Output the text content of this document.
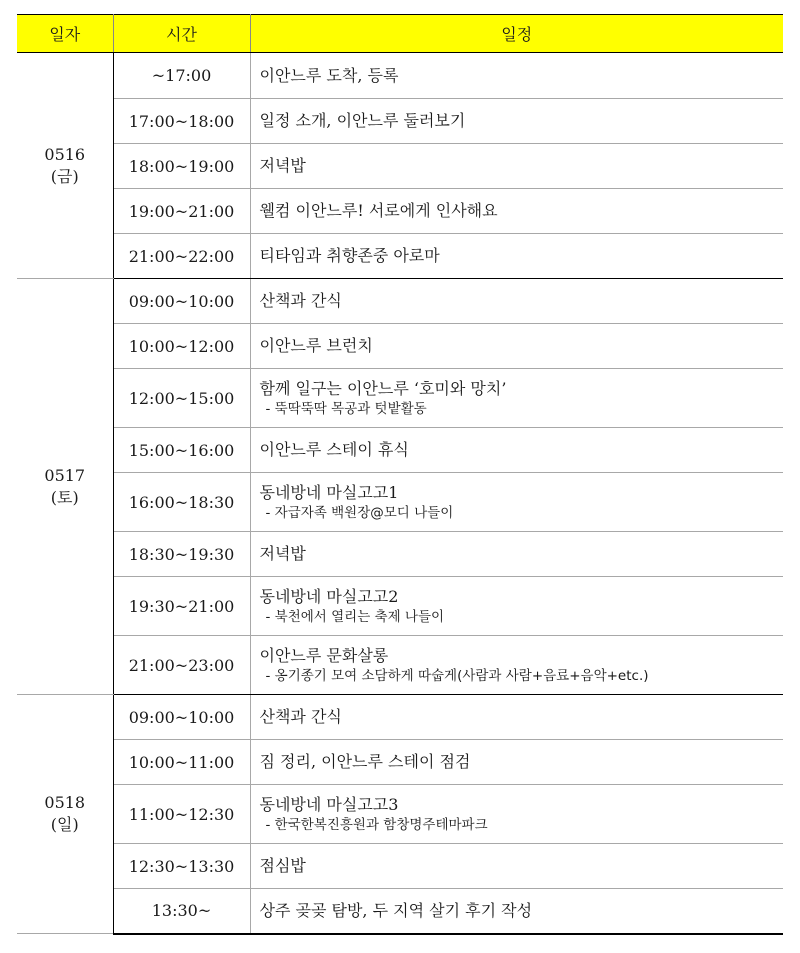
일자	시간	일정

0516
(금)	~17:00	이안느루 도착, 등록

	17:00~18:00	일정 소개, 이안느루 둘러보기

	18:00~19:00	저녁밥

	19:00~21:00	웰컴 이안느루! 서로에게 인사해요

	21:00~22:00	티타임과 취향존중 아로마

0517
(토)	09:00~10:00	산책과 간식

	10:00~12:00	이안느루 브런치

	12:00~15:00	함께 일구는 이안느루 ‘호미와 망치’
- 뚝딱뚝딱 목공과 텃밭활동

	15:00~16:00	이안느루 스테이 휴식

	16:00~18:30	동네방네 마실고고1
- 자급자족 백원장@모디 나들이

	18:30~19:30	저녁밥

	19:30~21:00	동네방네 마실고고2
- 북천에서 열리는 축제 나들이

	21:00~23:00	이안느루 문화살롱
- 옹기종기 모여 소담하게 따숩게(사람과 사람+음료+음악+etc.)

0518
(일)	09:00~10:00	산책과 간식

	10:00~11:00	짐 정리, 이안느루 스테이 점검

	11:00~12:30	동네방네 마실고고3
- 한국한복진흥원과 함창명주테마파크

	12:30~13:30	점심밥

	13:30~	상주 곶곶 탐방, 두 지역 살기 후기 작성
